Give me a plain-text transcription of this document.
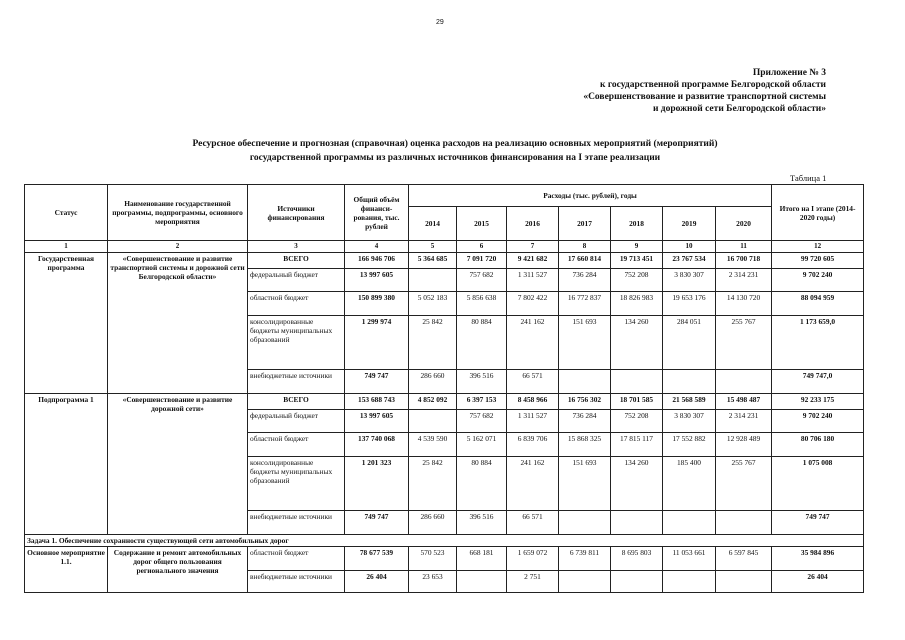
29
Приложение № 3
к государственной программе Белгородской области
«Совершенствование и развитие транспортной системы
и дорожной сети Белгородской области»
Ресурсное обеспечение и прогнозная (справочная) оценка расходов на реализацию основных мероприятий (мероприятий)
государственной программы из различных источников финансирования на I этапе реализации
Таблица 1
Статус	Наименование государственной программы, подпрограммы, основного мероприятия	Источники финансирования	Общий объём финанси-рования, тыс. рублей	Расходы (тыс. рублей), годы							Итого на I этапе (2014-2020 годы)
				2014	2015	2016	2017	2018	2019	2020	
1	2	3	4	5	6	7	8	9	10	11	12
Государственная программа	«Совершенствование и развитие транспортной системы и дорожной сети Белгородской области»	ВСЕГО	166 946 706	5 364 685	7 091 720	9 421 682	17 660 814	19 713 451	23 767 534	16 700 718	99 720 605
		федеральный бюджет	13 997 605		757 682	1 311 527	736 284	752 208	3 830 307	2 314 231	9 702 240
		областной бюджет	150 899 380	5 052 183	5 856 638	7 802 422	16 772 837	18 826 983	19 653 176	14 130 720	88 094 959
		консолидированные бюджеты муниципальных образований	1 299 974	25 842	80 884	241 162	151 693	134 260	284 051	255 767	1 173 659,0
		внебюджетные источники	749 747	286 660	396 516	66 571					749 747,0
Подпрограмма 1	«Совершенствование и развитие дорожной сети»	ВСЕГО	153 688 743	4 852 092	6 397 153	8 458 966	16 756 302	18 701 585	21 568 589	15 498 487	92 233 175
		федеральный бюджет	13 997 605		757 682	1 311 527	736 284	752 208	3 830 307	2 314 231	9 702 240
		областной бюджет	137 740 068	4 539 590	5 162 071	6 839 706	15 868 325	17 815 117	17 552 882	12 928 489	80 706 180
		консолидированные бюджеты муниципальных образований	1 201 323	25 842	80 884	241 162	151 693	134 260	185 400	255 767	1 075 008
		внебюджетные источники	749 747	286 660	396 516	66 571					749 747
Задача 1. Обеспечение сохранности существующей сети автомобильных дорог											
Основное мероприятие 1.1.	Содержание и ремонт автомобильных дорог общего пользования регионального значения	областной бюджет	78 677 539	570 523	668 181	1 659 072	6 739 811	8 695 803	11 053 661	6 597 845	35 984 896
		внебюджетные источники	26 404	23 653		2 751					26 404
